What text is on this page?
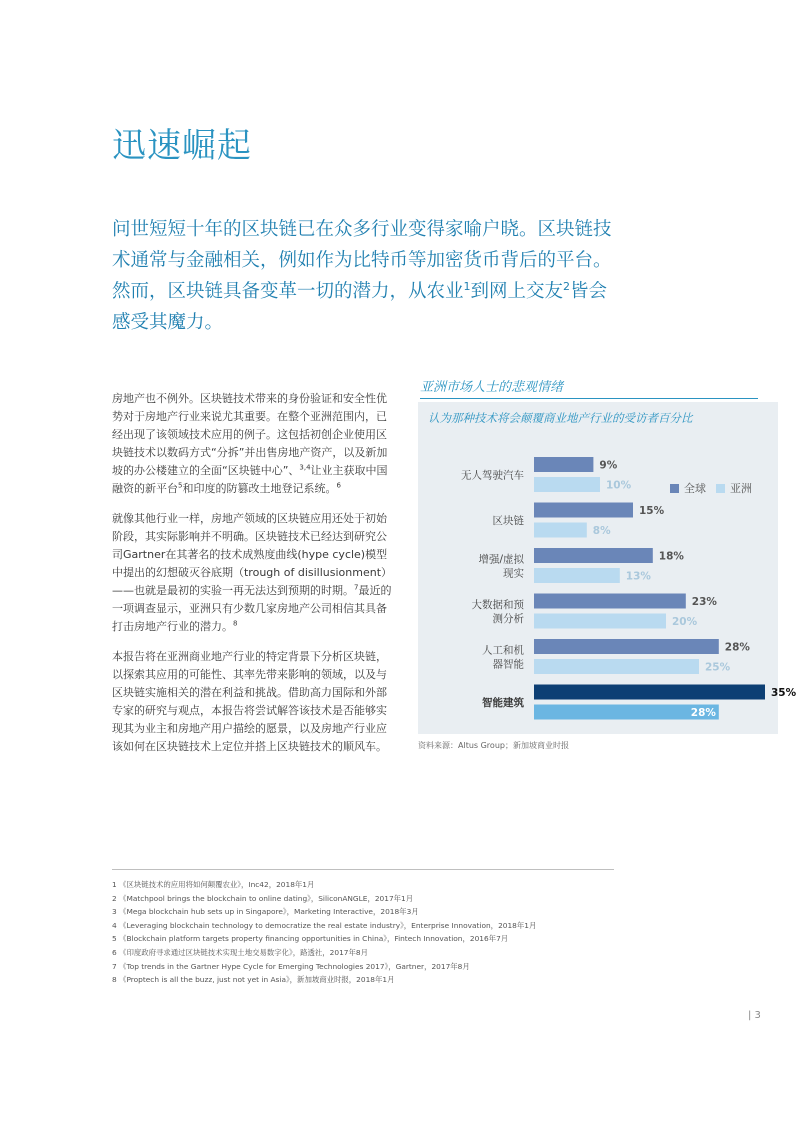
迅速崛起

问世短短十年的区块链已在众多行业变得家喻户晓。区块链技术通常与金融相关，例如作为比特币等加密货币背后的平台。然而，区块链具备变革一切的潜力，从农业$^1$到网上交友$^2$皆会感受其魔力。

房地产也不例外。区块链技术带来的身份验证和安全性优势对于房地产行业来说尤其重要。在整个亚洲范围内，已经出现了该领域技术应用的例子。这包括初创企业使用区块链技术以数码方式“分拆”并出售房地产资产，以及新加坡的办公楼建立的全面“区块链中心”、$^{3,4}$让业主获取中国融资的新平台$^5$和印度的防篡改土地登记系统。$^6$

就像其他行业一样，房地产领域的区块链应用还处于初始阶段，其实际影响并不明确。区块链技术已经达到研究公司Gartner在其著名的技术成熟度曲线(hype cycle)模型中提出的幻想破灭谷底期（trough of disillusionment）——也就是最初的实验一再无法达到预期的时期。$^7$最近的一项调查显示，亚洲只有少数几家房地产公司相信其具备打击房地产行业的潜力。$^8$

本报告将在亚洲商业地产行业的特定背景下分析区块链，以探索其应用的可能性、其率先带来影响的领域，以及与区块链实施相关的潜在利益和挑战。借助高力国际和外部专家的研究与观点，本报告将尝试解答该技术是否能够实现其为业主和房地产用户描绘的愿景，以及房地产行业应该如何在区块链技术上定位并搭上区块链技术的顺风车。

亚洲市场人士的悲观情绪
认为那种技术将会颠覆商业地产行业的受访者百分比
9%
10%
无人驾驶汽车
15%
8%
区块链
18%
13%
增强/虚拟
现实
23%
20%
大数据和预
测分析
28%
25%
人工和机
器智能
35%
28%
智能建筑
全球 亚洲
资料来源：Altus Group；新加坡商业时报
1 《区块链技术的应用将如何颠覆农业》，Inc42，2018年1月
2 《Matchpool brings the blockchain to online dating》，SiliconANGLE，2017年1月
3 《Mega blockchain hub sets up in Singapore》，Marketing Interactive，2018年3月
4 《Leveraging blockchain technology to democratize the real estate industry》，Enterprise Innovation，2018年1月
5 《Blockchain platform targets property financing opportunities in China》，Fintech Innovation，2016年7月
6 《印度政府寻求通过区块链技术实现土地交易数字化》，路透社，2017年8月
7 《Top trends in the Gartner Hype Cycle for Emerging Technologies 2017》，Gartner，2017年8月
8 《Proptech is all the buzz, just not yet in Asia》，新加坡商业时报，2018年1月
| 3
